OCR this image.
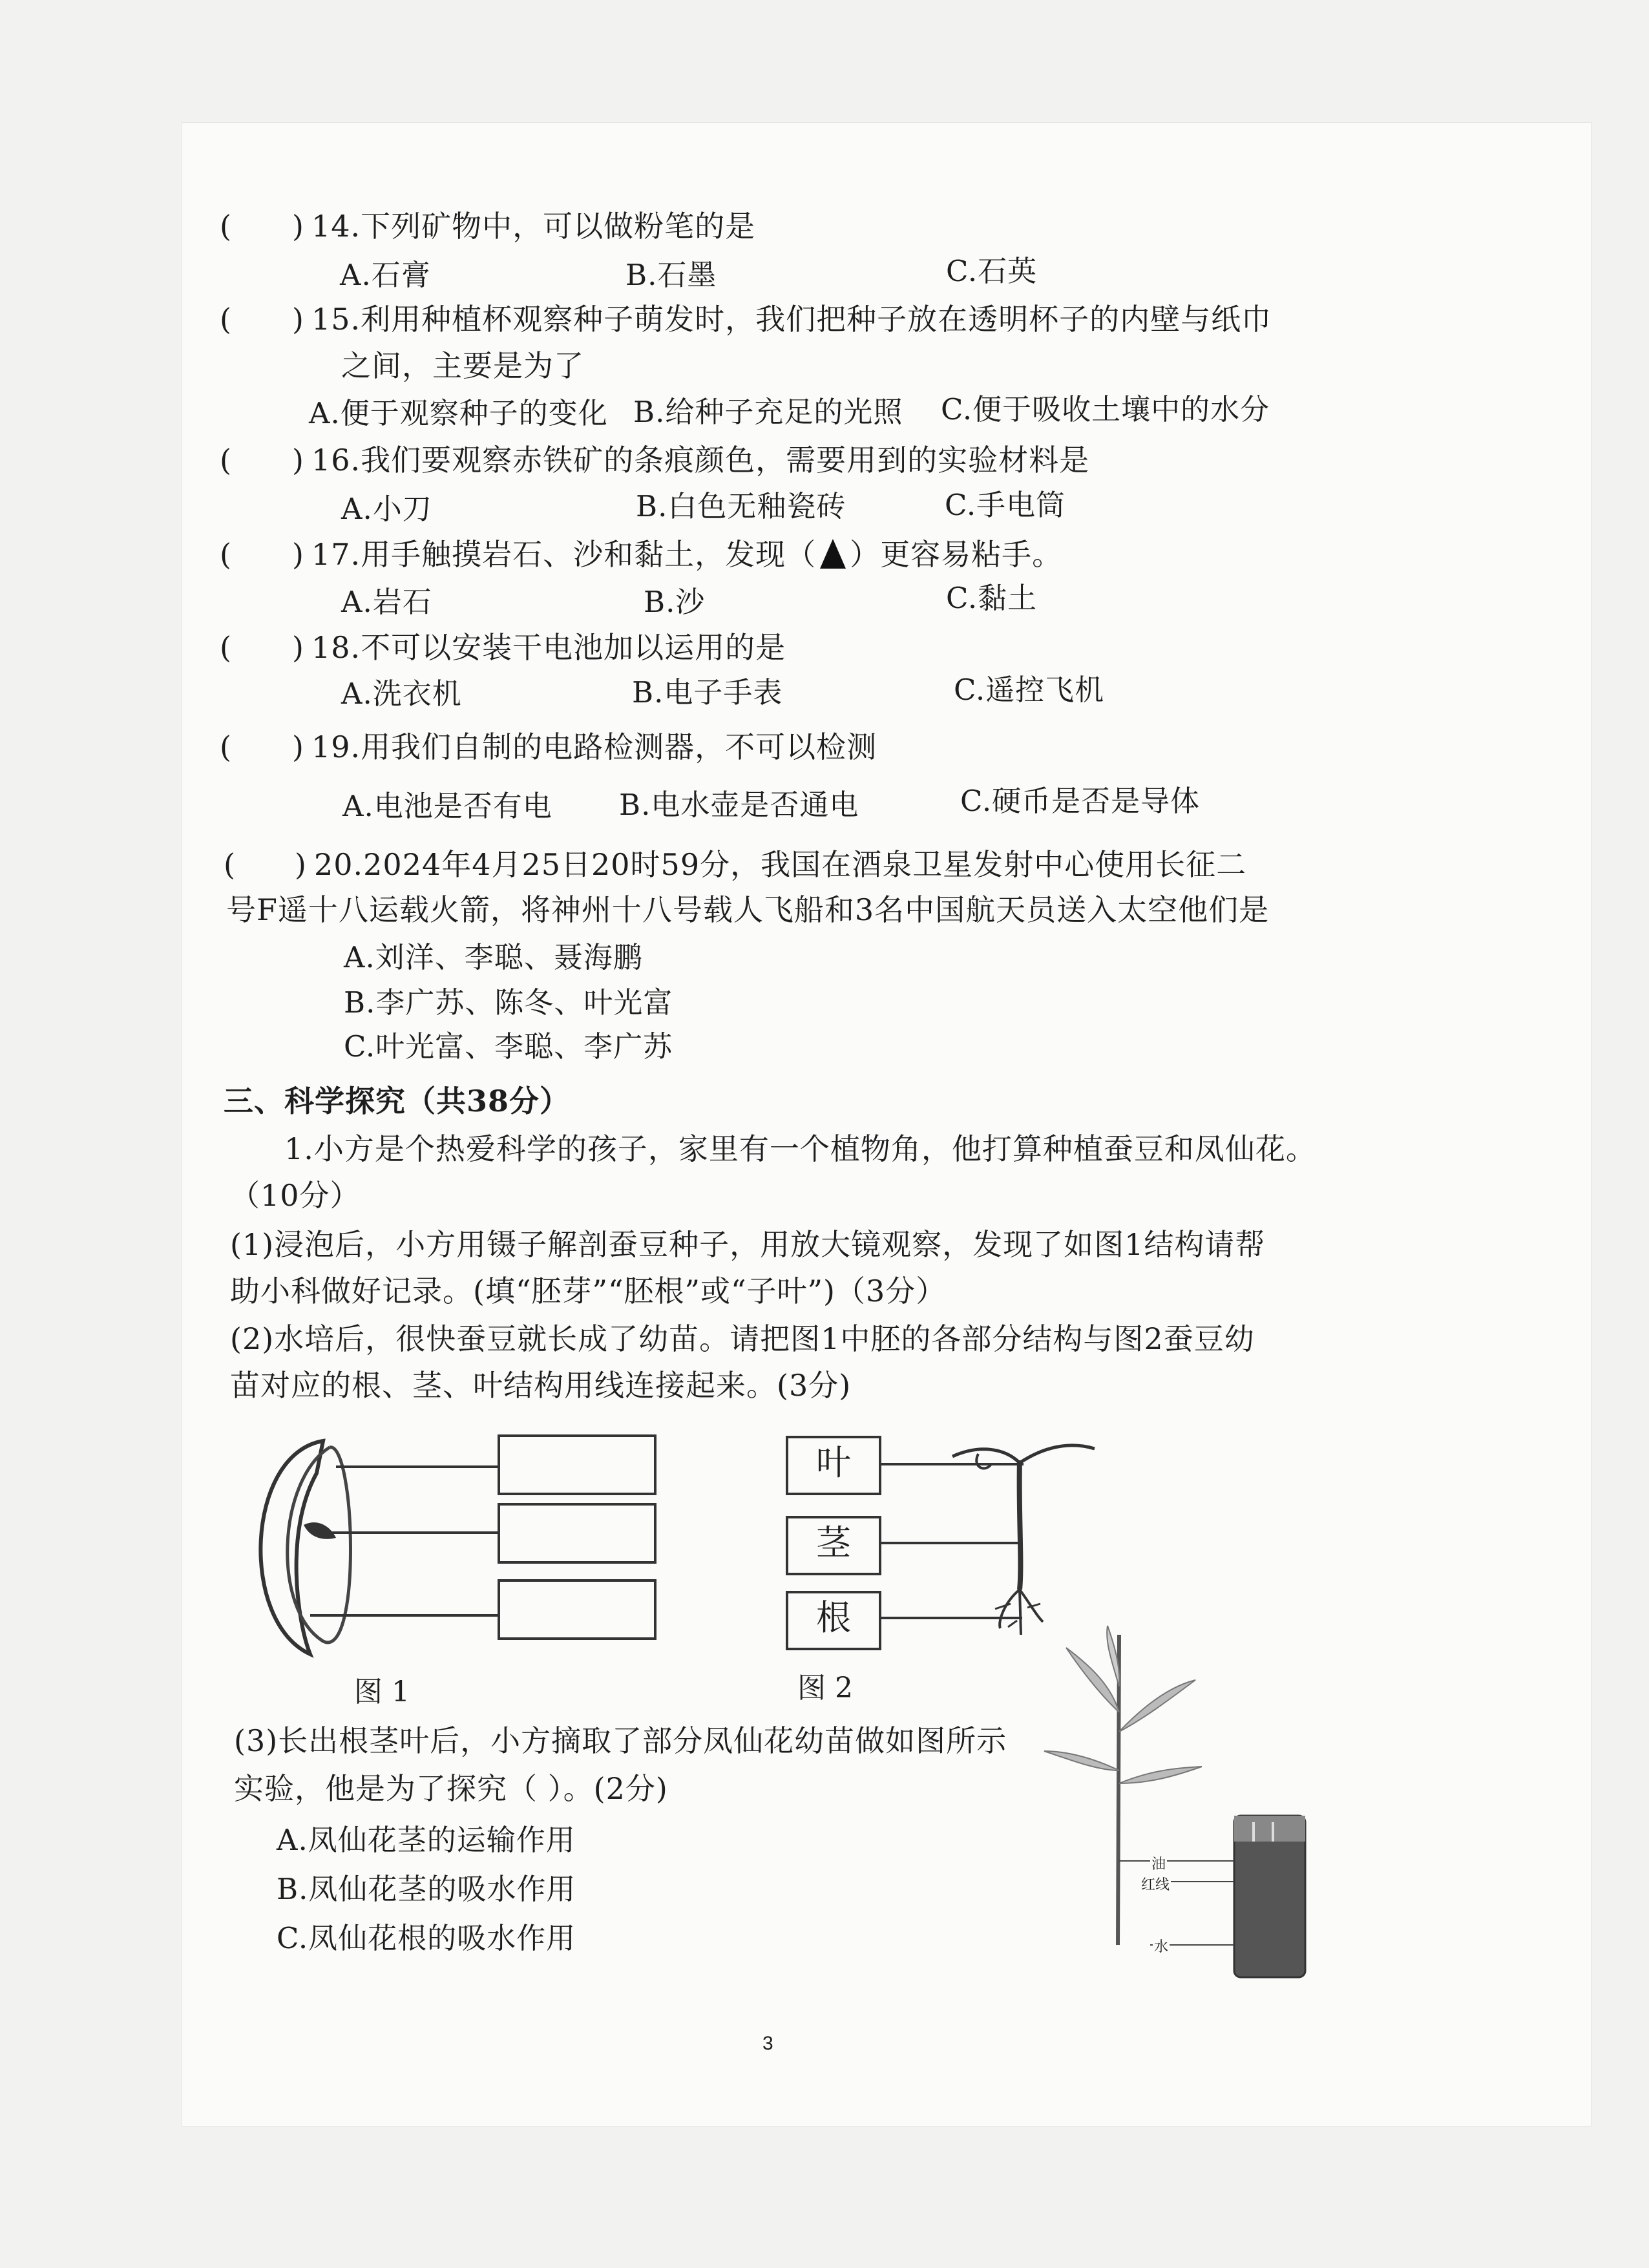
( ) 14.下列矿物中，可以做粉笔的是
A.石膏	B.石墨	C.石英
( ) 15.利用种植杯观察种子萌发时，我们把种子放在透明杯子的内壁与纸巾
之间，主要是为了
A.便于观察种子的变化 B.给种子充足的光照 C.便于吸收土壤中的水分
( ) 16.我们要观察赤铁矿的条痕颜色，需要用到的实验材料是
A.小刀	B.白色无釉瓷砖	C.手电筒
( ) 17.用手触摸岩石、沙和黏土，发现（ ）更容易粘手。
A.岩石	B.沙	C.黏土
( ) 18.不可以安装干电池加以运用的是
A.洗衣机	B.电子手表	C.遥控飞机
( ) 19.用我们自制的电路检测器，不可以检测
A.电池是否有电 B.电水壶是否通电	C.硬币是否是导体
( ) 20.2024年4月25日20时59分，我国在酒泉卫星发射中心使用长征二
号F遥十八运载火箭，将神州十八号载人飞船和3名中国航天员送入太空他们是
A.刘洋、李聪、聂海鹏
B.李广苏、陈冬、叶光富
C.叶光富、李聪、李广苏
三、科学探究（共38分）
1.小方是个热爱科学的孩子，家里有一个植物角，他打算种植蚕豆和凤仙花。
（10分）
(1)浸泡后，小方用镊子解剖蚕豆种子，用放大镜观察，发现了如图1结构请帮
助小科做好记录。(填“胚芽”“胚根”或“子叶”)（3分）
(2)水培后，很快蚕豆就长成了幼苗。请把图1中胚的各部分结构与图2蚕豆幼
苗对应的根、茎、叶结构用线连接起来。(3分)
图 1
叶
茎
根
图 2
(3)长出根茎叶后，小方摘取了部分凤仙花幼苗做如图所示
实验，他是为了探究（ ）。(2分)
A.凤仙花茎的运输作用
B.凤仙花茎的吸水作用
C.凤仙花根的吸水作用
油
红线
水
3
